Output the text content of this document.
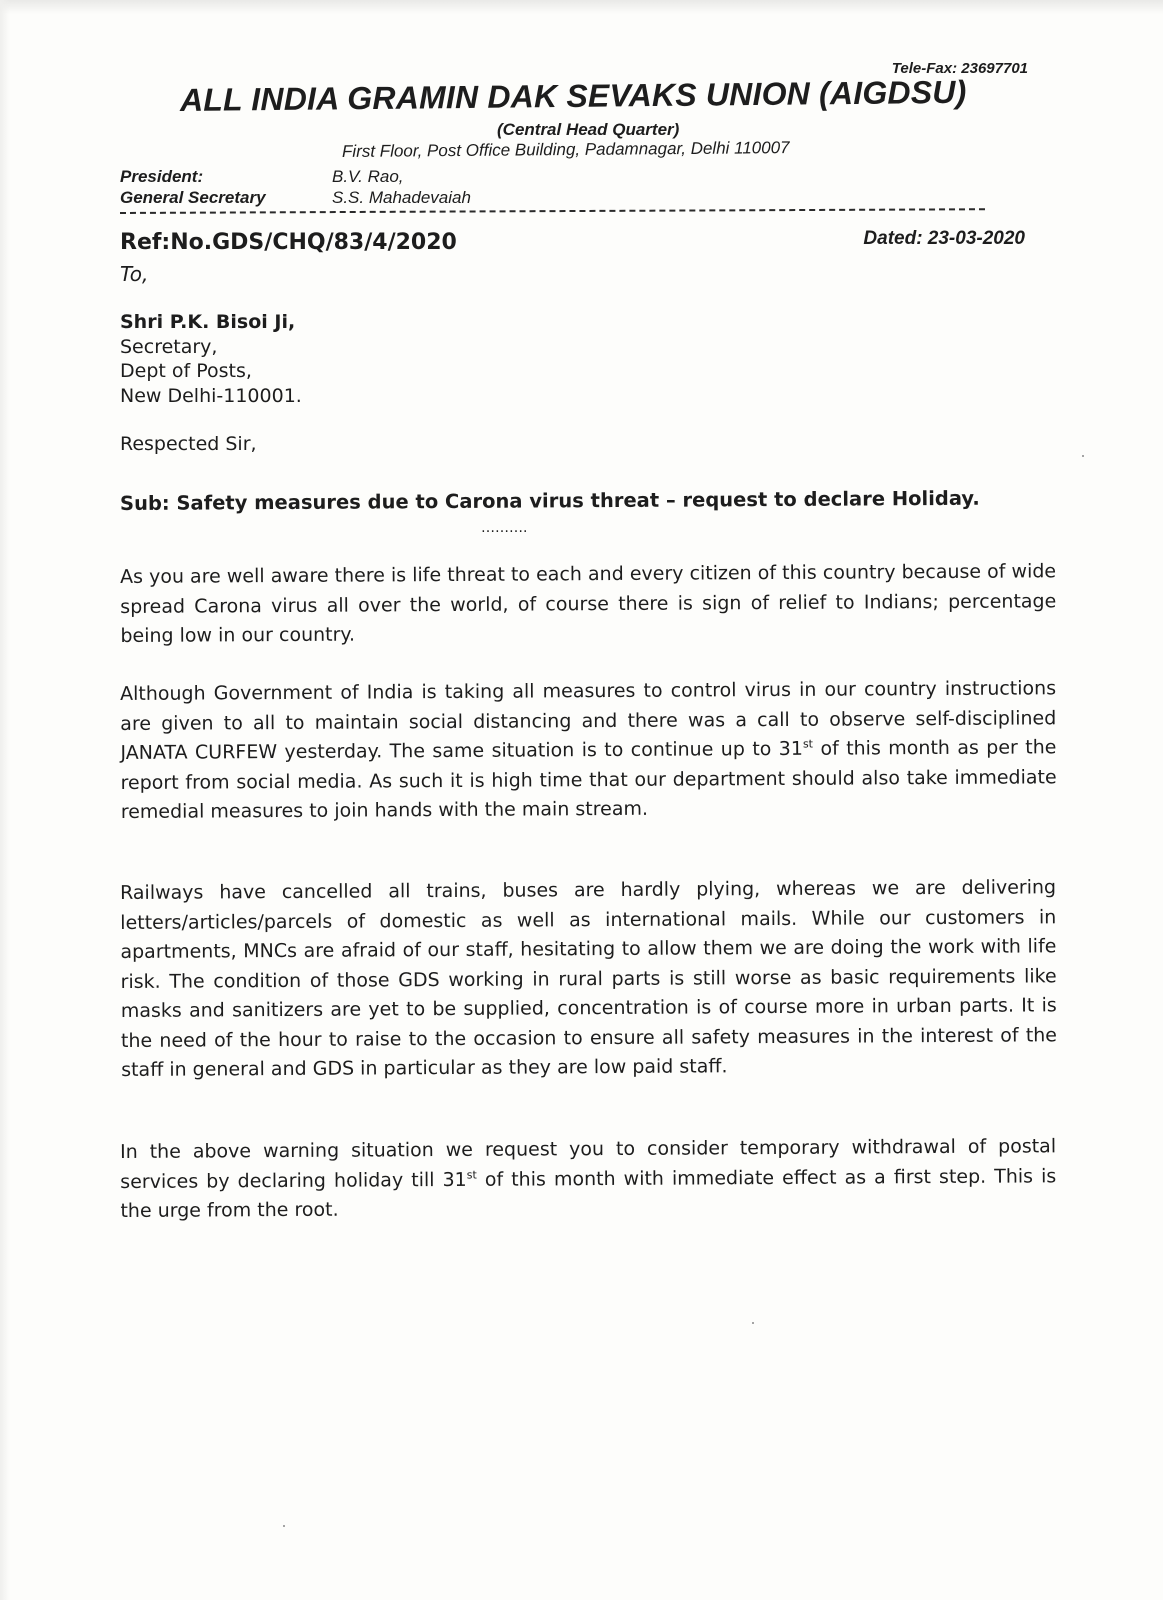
Tele-Fax: 23697701
ALL INDIA GRAMIN DAK SEVAKS UNION (AIGDSU)
(Central Head Quarter)
First Floor, Post Office Building, Padamnagar, Delhi 110007
President:	B.V. Rao,
General Secretary	S.S. Mahadevaiah
Ref:No.GDS/CHQ/83/4/2020	Dated: 23-03-2020
To,
Shri P.K. Bisoi Ji,
Secretary,
Dept of Posts,
New Delhi-110001.
Respected Sir,
Sub: Safety measures due to Carona virus threat – request to declare Holiday.
……….
As you are well aware there is life threat to each and every citizen of this country because of wide spread Carona virus all over the world, of course there is sign of relief to Indians; percentage being low in our country.
Although Government of India is taking all measures to control virus in our country instructions are given to all to maintain social distancing and there was a call to observe self-disciplined JANATA CURFEW yesterday. The same situation is to continue up to 31st of this month as per the report from social media. As such it is high time that our department should also take immediate remedial measures to join hands with the main stream.
Railways have cancelled all trains, buses are hardly plying, whereas we are delivering letters/articles/parcels of domestic as well as international mails. While our customers in apartments, MNCs are afraid of our staff, hesitating to allow them we are doing the work with life risk. The condition of those GDS working in rural parts is still worse as basic requirements like masks and sanitizers are yet to be supplied, concentration is of course more in urban parts. It is the need of the hour to raise to the occasion to ensure all safety measures in the interest of the staff in general and GDS in particular as they are low paid staff.
In the above warning situation we request you to consider temporary withdrawal of postal services by declaring holiday till 31st of this month with immediate effect as a first step. This is the urge from the root.
